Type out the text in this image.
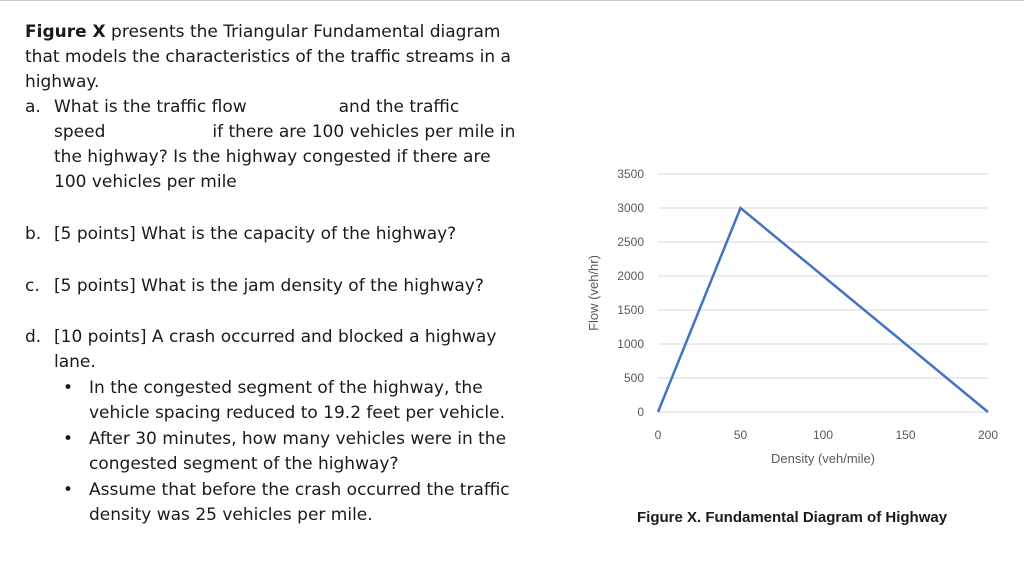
Figure X presents the Triangular Fundamental diagram that models the characteristics of the traffic streams in a highway.

a. What is the traffic flow	and the traffic
speed	if there are 100 vehicles per mile in the highway? Is the highway congested if there are 100 vehicles per mile
b. [5 points] What is the capacity of the highway?
c. [5 points] What is the jam density of the highway?
d. [10 points] A crash occurred and blocked a highway lane.
• In the congested segment of the highway, the vehicle spacing reduced to 19.2 feet per vehicle.
• After 30 minutes, how many vehicles were in the congested segment of the highway?
• Assume that before the crash occurred the traffic density was 25 vehicles per mile.
0
500
1000
1500
2000
2500
3000
3500
0	50	100	150	200
Density (veh/mile)
Flow (veh/hr)
Figure X. Fundamental Diagram of Highway
